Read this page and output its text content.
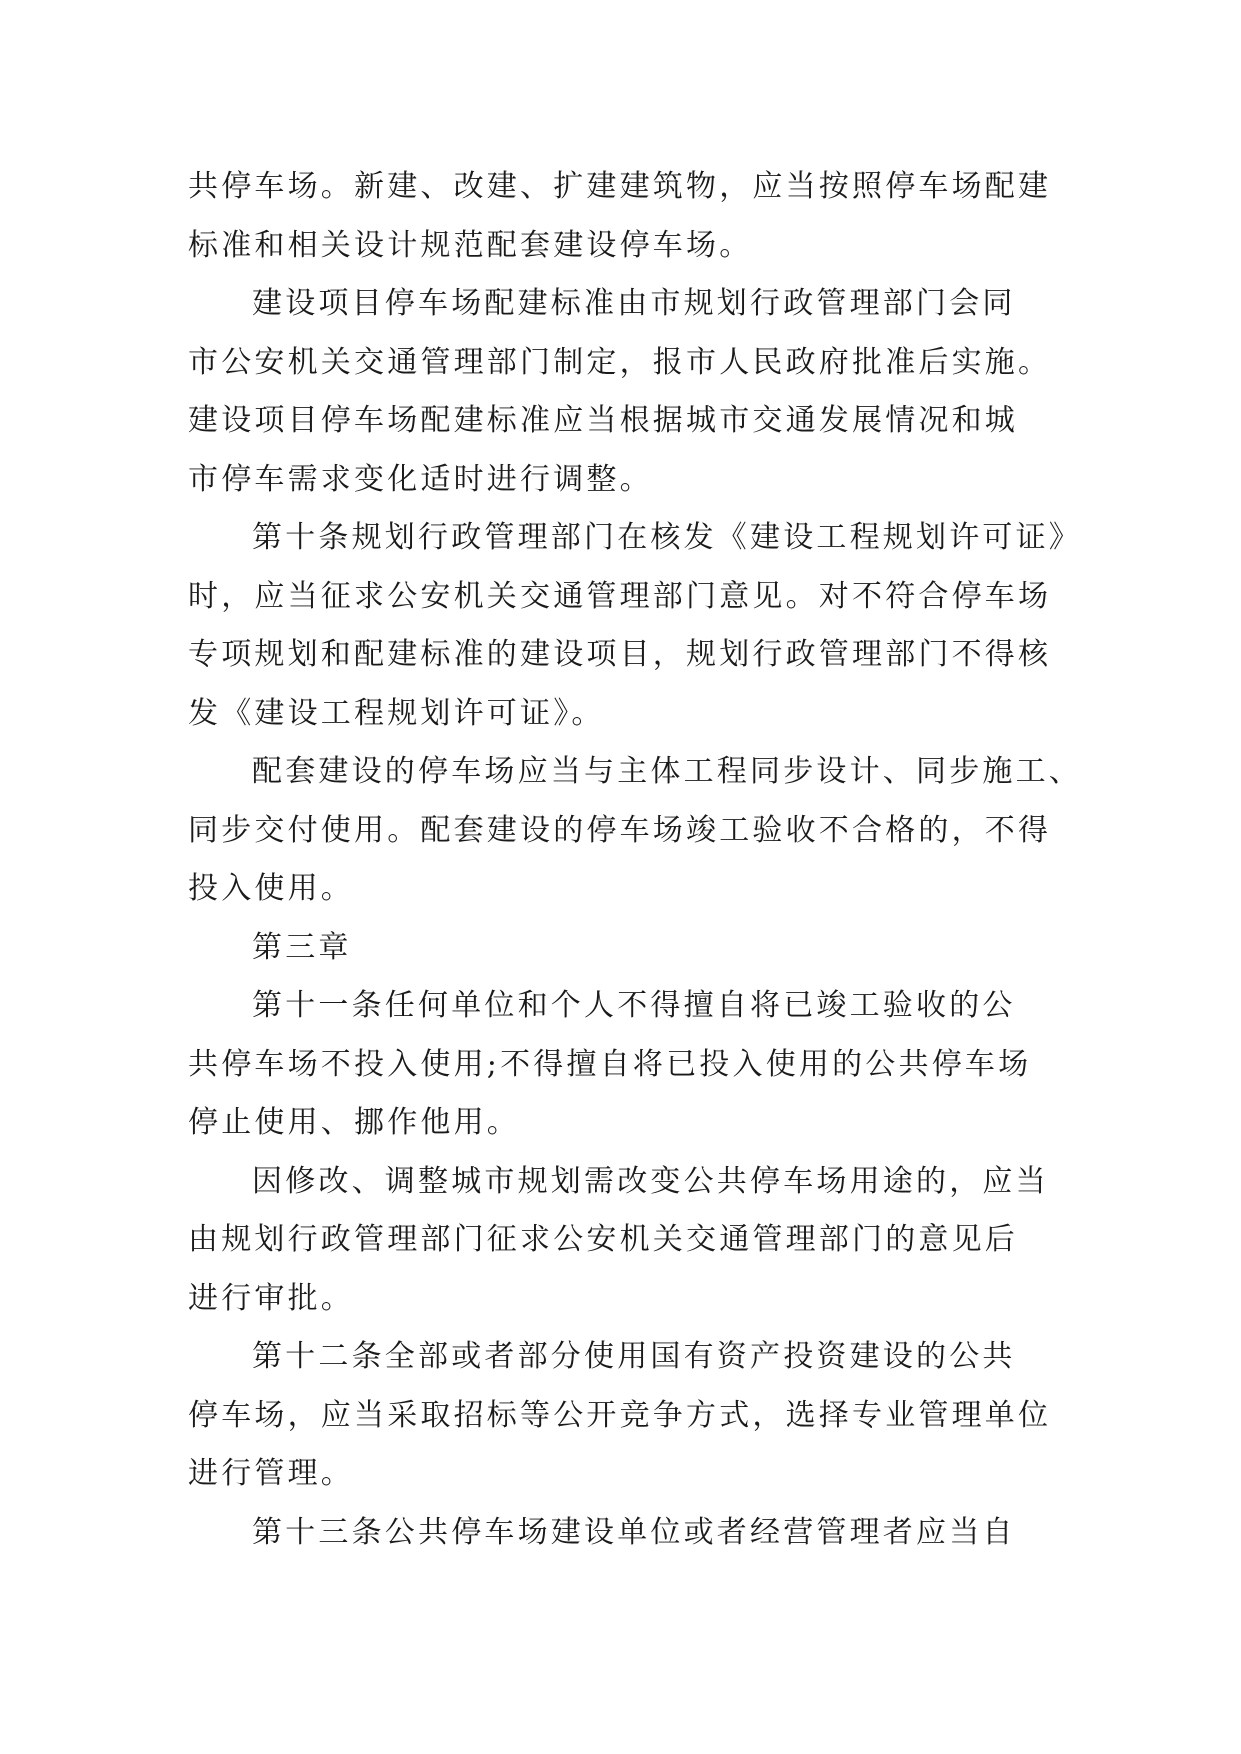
共停车场。新建、改建、扩建建筑物，应当按照停车场配建
标准和相关设计规范配套建设停车场。
建设项目停车场配建标准由市规划行政管理部门会同
市公安机关交通管理部门制定，报市人民政府批准后实施。
建设项目停车场配建标准应当根据城市交通发展情况和城
市停车需求变化适时进行调整。
第十条规划行政管理部门在核发《建设工程规划许可证》
时，应当征求公安机关交通管理部门意见。对不符合停车场
专项规划和配建标准的建设项目，规划行政管理部门不得核
发《建设工程规划许可证》。
配套建设的停车场应当与主体工程同步设计、同步施工、
同步交付使用。配套建设的停车场竣工验收不合格的，不得
投入使用。
第三章
第十一条任何单位和个人不得擅自将已竣工验收的公
共停车场不投入使用;不得擅自将已投入使用的公共停车场
停止使用、挪作他用。
因修改、调整城市规划需改变公共停车场用途的，应当
由规划行政管理部门征求公安机关交通管理部门的意见后
进行审批。
第十二条全部或者部分使用国有资产投资建设的公共
停车场，应当采取招标等公开竞争方式，选择专业管理单位
进行管理。
第十三条公共停车场建设单位或者经营管理者应当自
